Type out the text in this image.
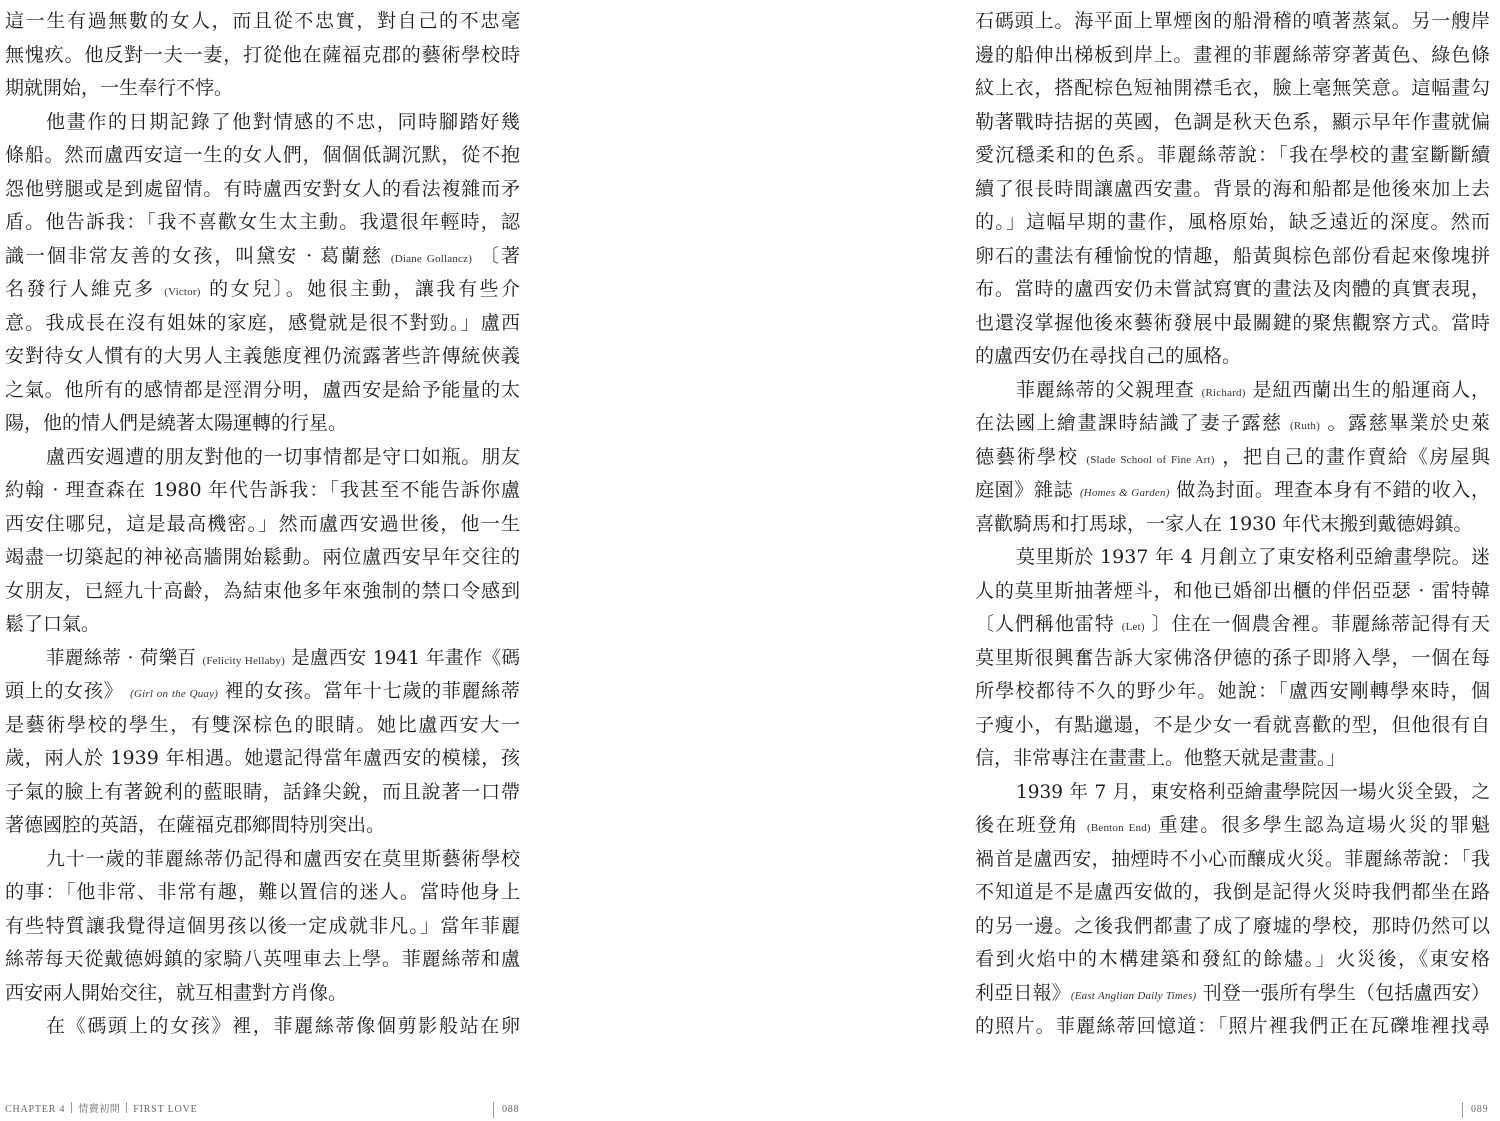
這一生有過無數的女人，而且從不忠實，對自己的不忠毫
無愧疚。他反對一夫一妻，打從他在薩福克郡的藝術學校時
期就開始，一生奉行不悖。
他畫作的日期記錄了他對情感的不忠，同時腳踏好幾
條船。然而盧西安這一生的女人們，個個低調沉默，從不抱
怨他劈腿或是到處留情。有時盧西安對女人的看法複雜而矛
盾。他告訴我：「我不喜歡女生太主動。我還很年輕時，認
識一個非常友善的女孩，叫黛安 · 葛蘭慈 (Diane Gollancz) 〔著
名發行人維克多 (Victor) 的女兒〕。她很主動，讓我有些介
意。我成長在沒有姐妹的家庭，感覺就是很不對勁。」盧西
安對待女人慣有的大男人主義態度裡仍流露著些許傳統俠義
之氣。他所有的感情都是涇渭分明，盧西安是給予能量的太
陽，他的情人們是繞著太陽運轉的行星。
盧西安週遭的朋友對他的一切事情都是守口如瓶。朋友
約翰 · 理查森在 1980 年代告訴我：「我甚至不能告訴你盧
西安住哪兒，這是最高機密。」然而盧西安過世後，他一生
竭盡一切築起的神祕高牆開始鬆動。兩位盧西安早年交往的
女朋友，已經九十高齡，為結束他多年來強制的禁口令感到
鬆了口氣。
菲麗絲蒂 · 荷樂百 (Felicity Hellaby) 是盧西安 1941 年畫作《碼
頭上的女孩》 (Girl on the Quay) 裡的女孩。當年十七歲的菲麗絲蒂
是藝術學校的學生，有雙深棕色的眼睛。她比盧西安大一
歲，兩人於 1939 年相遇。她還記得當年盧西安的模樣，孩
子氣的臉上有著銳利的藍眼睛，話鋒尖銳，而且說著一口帶
著德國腔的英語，在薩福克郡鄉間特別突出。
九十一歲的菲麗絲蒂仍記得和盧西安在莫里斯藝術學校
的事：「他非常、非常有趣，難以置信的迷人。當時他身上
有些特質讓我覺得這個男孩以後一定成就非凡。」當年菲麗
絲蒂每天從戴德姆鎮的家騎八英哩車去上學。菲麗絲蒂和盧
西安兩人開始交往，就互相畫對方肖像。
在《碼頭上的女孩》裡，菲麗絲蒂像個剪影般站在卵
石碼頭上。海平面上單煙囪的船滑稽的噴著蒸氣。另一艘岸
邊的船伸出梯板到岸上。畫裡的菲麗絲蒂穿著黃色、綠色條
紋上衣，搭配棕色短袖開襟毛衣，臉上毫無笑意。這幅畫勾
勒著戰時拮据的英國，色調是秋天色系，顯示早年作畫就偏
愛沉穩柔和的色系。菲麗絲蒂說：「我在學校的畫室斷斷續
續了很長時間讓盧西安畫。背景的海和船都是他後來加上去
的。」這幅早期的畫作，風格原始，缺乏遠近的深度。然而
卵石的畫法有種愉悅的情趣，船黃與棕色部份看起來像塊拼
布。當時的盧西安仍未嘗試寫實的畫法及肉體的真實表現，
也還沒掌握他後來藝術發展中最關鍵的聚焦觀察方式。當時
的盧西安仍在尋找自己的風格。
菲麗絲蒂的父親理查 (Richard) 是紐西蘭出生的船運商人，
在法國上繪畫課時結識了妻子露慈 (Ruth) 。露慈畢業於史萊
德藝術學校 (Slade School of Fine Art) ，把自己的畫作賣給《房屋與
庭園》雜誌 (Homes & Garden) 做為封面。理查本身有不錯的收入，
喜歡騎馬和打馬球，一家人在 1930 年代末搬到戴德姆鎮。
莫里斯於 1937 年 4 月創立了東安格利亞繪畫學院。迷
人的莫里斯抽著煙斗，和他已婚卻出櫃的伴侶亞瑟 · 雷特韓
〔人們稱他雷特 (Let) 〕住在一個農舍裡。菲麗絲蒂記得有天
莫里斯很興奮告訴大家佛洛伊德的孫子即將入學，一個在每
所學校都待不久的野少年。她說：「盧西安剛轉學來時，個
子瘦小，有點邋遢，不是少女一看就喜歡的型，但他很有自
信，非常專注在畫畫上。他整天就是畫畫。」
1939 年 7 月，東安格利亞繪畫學院因一場火災全毀，之
後在班登角 (Benton End) 重建。很多學生認為這場火災的罪魁
禍首是盧西安，抽煙時不小心而釀成火災。菲麗絲蒂說：「我
不知道是不是盧西安做的，我倒是記得火災時我們都坐在路
的另一邊。之後我們都畫了成了廢墟的學校，那時仍然可以
看到火焰中的木構建築和發紅的餘燼。」火災後，《東安格
利亞日報》(East Anglian Daily Times) 刊登一張所有學生（包括盧西安）
的照片。菲麗絲蒂回憶道：「照片裡我們正在瓦礫堆裡找尋
CHAPTER 4 情竇初開 FIRST LOVE	088	089
